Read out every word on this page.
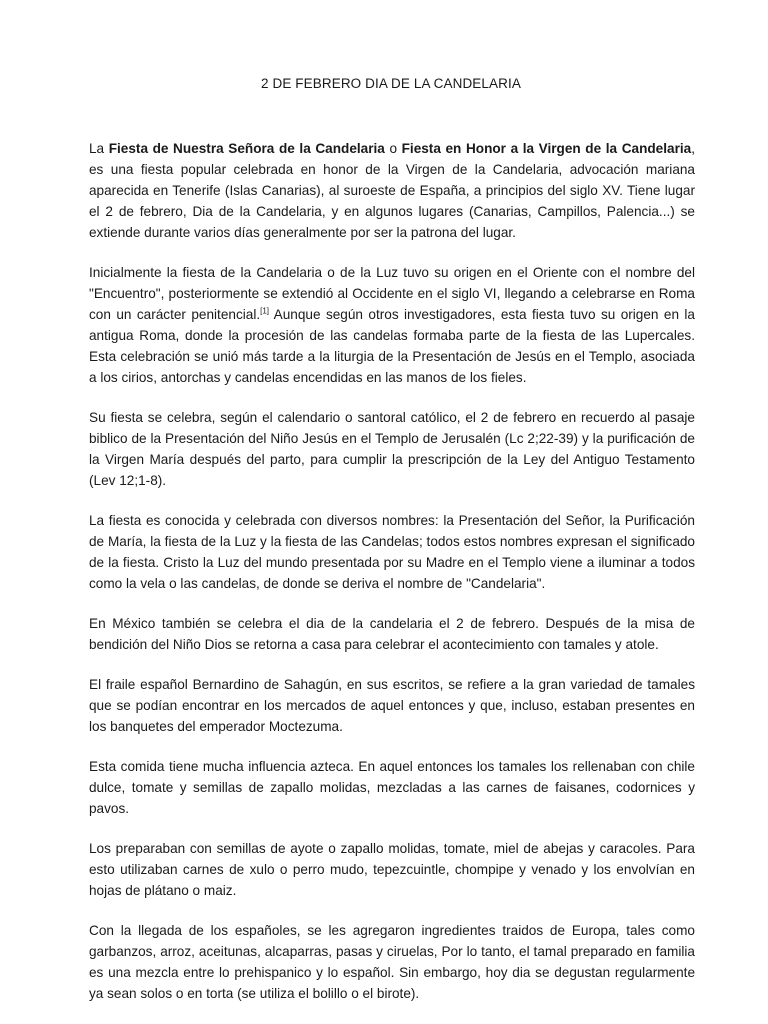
2 DE FEBRERO DIA DE LA CANDELARIA

La Fiesta de Nuestra Señora de la Candelaria o Fiesta en Honor a la Virgen de la Candelaria, es una fiesta popular celebrada en honor de la Virgen de la Candelaria, advocación mariana aparecida en Tenerife (Islas Canarias), al suroeste de España, a principios del siglo XV. Tiene lugar el 2 de febrero, Dia de la Candelaria, y en algunos lugares (Canarias, Campillos, Palencia...) se extiende durante varios días generalmente por ser la patrona del lugar.

Inicialmente la fiesta de la Candelaria o de la Luz tuvo su origen en el Oriente con el nombre del "Encuentro", posteriormente se extendió al Occidente en el siglo VI, llegando a celebrarse en Roma con un carácter penitencial.[1] Aunque según otros investigadores, esta fiesta tuvo su origen en la antigua Roma, donde la procesión de las candelas formaba parte de la fiesta de las Lupercales. Esta celebración se unió más tarde a la liturgia de la Presentación de Jesús en el Templo, asociada a los cirios, antorchas y candelas encendidas en las manos de los fieles.

Su fiesta se celebra, según el calendario o santoral católico, el 2 de febrero en recuerdo al pasaje biblico de la Presentación del Niño Jesús en el Templo de Jerusalén (Lc 2;22-39) y la purificación de la Virgen María después del parto, para cumplir la prescripción de la Ley del Antiguo Testamento (Lev 12;1-8).

La fiesta es conocida y celebrada con diversos nombres: la Presentación del Señor, la Purificación de María, la fiesta de la Luz y la fiesta de las Candelas; todos estos nombres expresan el significado de la fiesta. Cristo la Luz del mundo presentada por su Madre en el Templo viene a iluminar a todos como la vela o las candelas, de donde se deriva el nombre de "Candelaria".

En México también se celebra el dia de la candelaria el 2 de febrero. Después de la misa de bendición del Niño Dios se retorna a casa para celebrar el acontecimiento con tamales y atole.

El fraile español Bernardino de Sahagún, en sus escritos, se refiere a la gran variedad de tamales que se podían encontrar en los mercados de aquel entonces y que, incluso, estaban presentes en los banquetes del emperador Moctezuma.

Esta comida tiene mucha influencia azteca. En aquel entonces los tamales los rellenaban con chile dulce, tomate y semillas de zapallo molidas, mezcladas a las carnes de faisanes, codornices y pavos.

Los preparaban con semillas de ayote o zapallo molidas, tomate, miel de abejas y caracoles. Para esto utilizaban carnes de xulo o perro mudo, tepezcuintle, chompipe y venado y los envolvían en hojas de plátano o maiz.

Con la llegada de los españoles, se les agregaron ingredientes traidos de Europa, tales como garbanzos, arroz, aceitunas, alcaparras, pasas y ciruelas, Por lo tanto, el tamal preparado en familia es una mezcla entre lo prehispanico y lo español. Sin embargo, hoy dia se degustan regularmente ya sean solos o en torta (se utiliza el bolillo o el birote).
